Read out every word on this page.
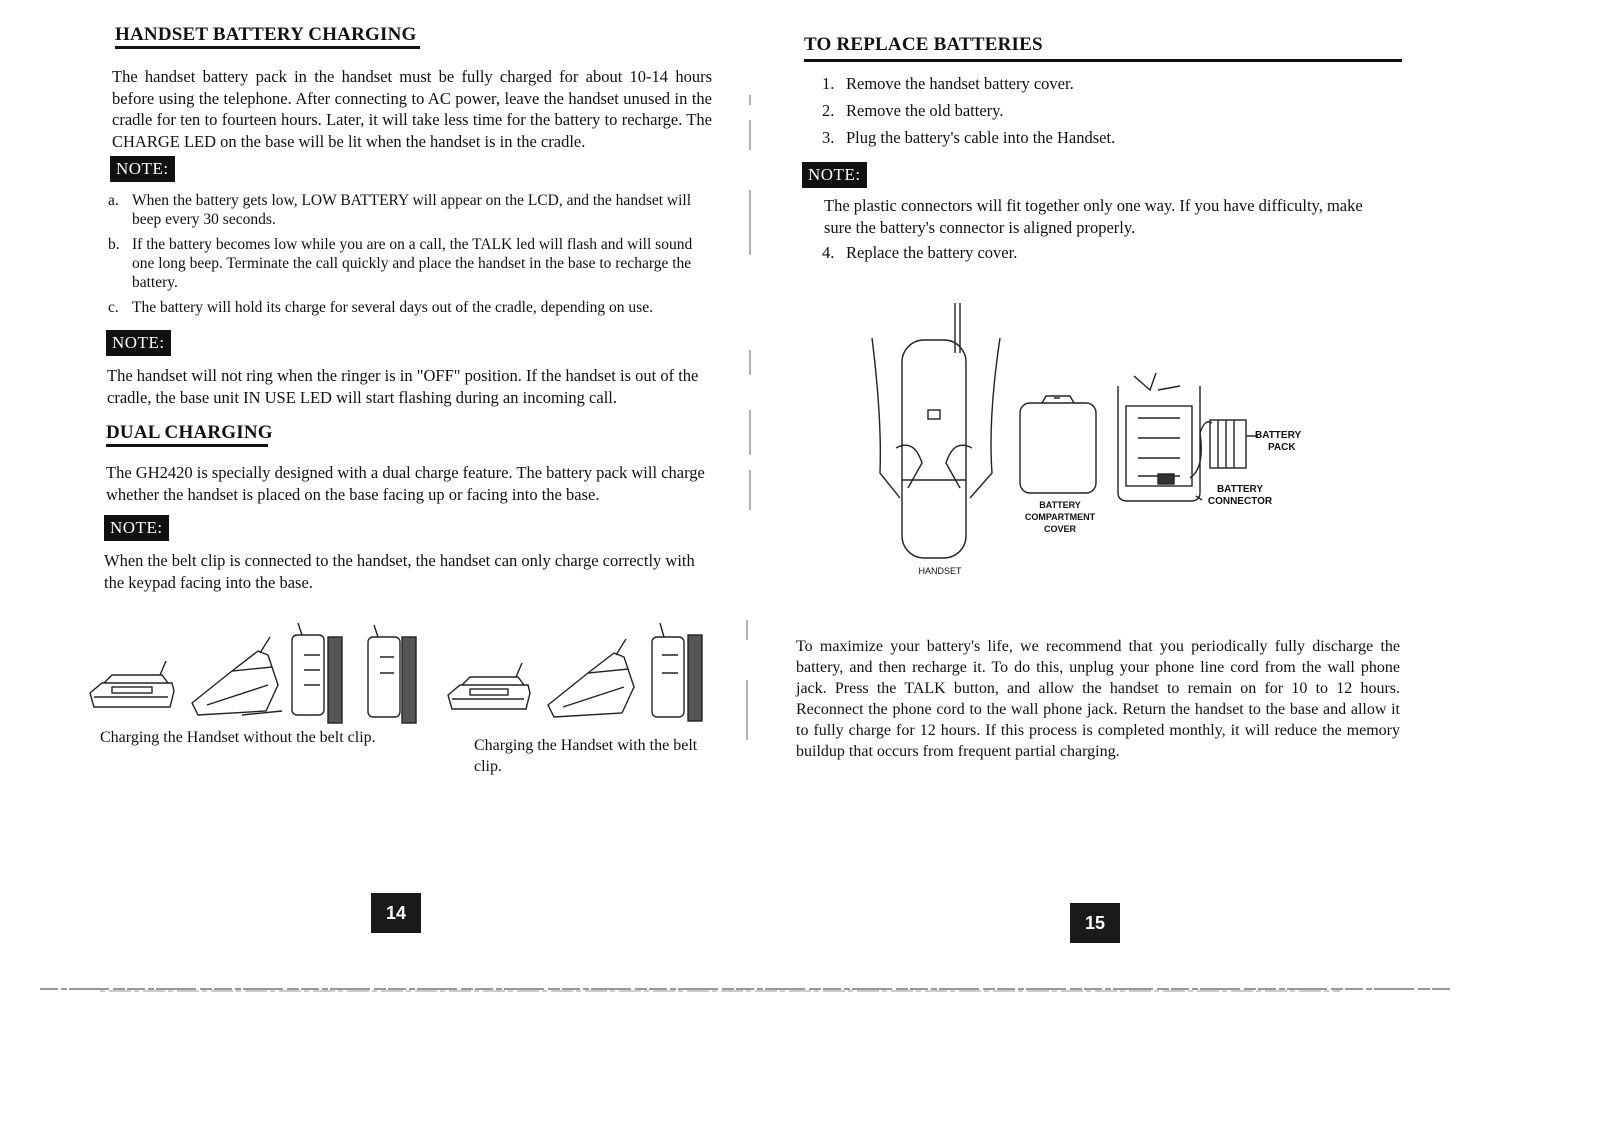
HANDSET BATTERY CHARGING

The handset battery pack in the handset must be fully charged for about 10-14 hours before using the telephone. After connecting to AC power, leave the handset unused in the cradle for ten to fourteen hours. Later, it will take less time for the battery to recharge. The CHARGE LED on the base will be lit when the handset is in the cradle.

NOTE:
a. When the battery gets low, LOW BATTERY will appear on the LCD, and the handset will beep every 30 seconds.
b. If the battery becomes low while you are on a call, the TALK led will flash and will sound one long beep. Terminate the call quickly and place the handset in the base to recharge the battery.
c. The battery will hold its charge for several days out of the cradle, depending on use.
NOTE:

The handset will not ring when the ringer is in "OFF" position. If the handset is out of the cradle, the base unit IN USE LED will start flashing during an incoming call.

DUAL CHARGING

The GH2420 is specially designed with a dual charge feature. The battery pack will charge whether the handset is placed on the base facing up or facing into the base.

NOTE:

When the belt clip is connected to the handset, the handset can only charge correctly with the keypad facing into the base.

Charging the Handset without the belt clip.	Charging the Handset with the belt clip.

14
TO REPLACE BATTERIES
1. Remove the handset battery cover.
2. Remove the old battery.
3. Plug the battery's cable into the Handset.
NOTE:

The plastic connectors will fit together only one way. If you have difficulty, make sure the battery's connector is aligned properly.

4. Replace the battery cover.
HANDSET
BATTERY
COMPARTMENT
COVER
BATTERY
PACK
BATTERY
CONNECTOR

To maximize your battery's life, we recommend that you periodically fully discharge the battery, and then recharge it. To do this, unplug your phone line cord from the wall phone jack. Press the TALK button, and allow the handset to remain on for 10 to 12 hours. Reconnect the phone cord to the wall phone jack. Return the handset to the base and allow it to fully charge for 12 hours. If this process is completed monthly, it will reduce the memory buildup that occurs from frequent partial charging.

15
